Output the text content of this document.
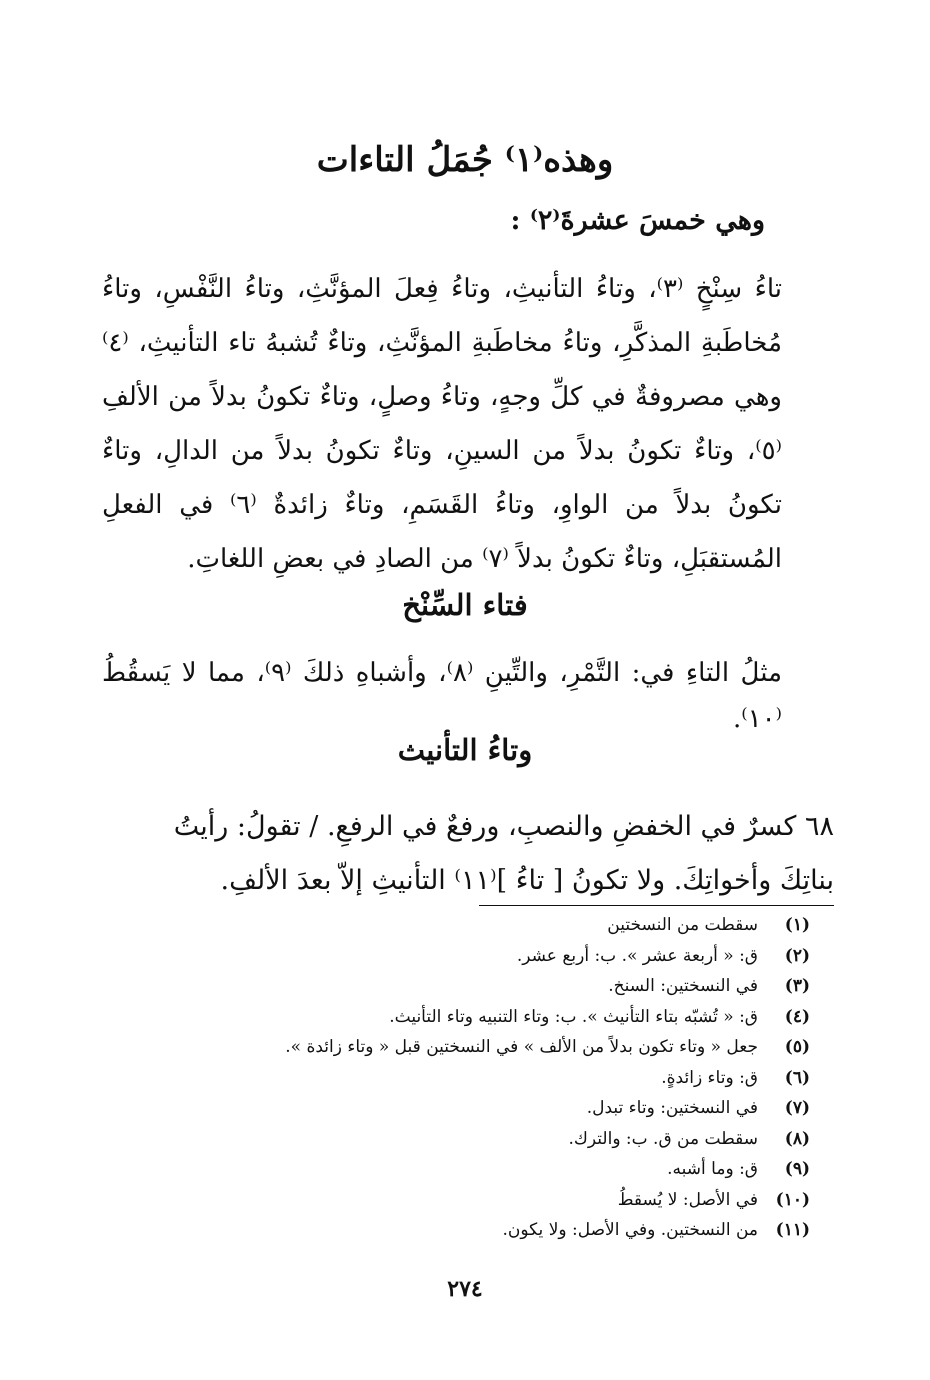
وهذه⁽١⁾ جُمَلُ التاءات

وهي خمسَ عشرةَ⁽٢⁾ :

تاءُ سِنْخٍ ⁽٣⁾، وتاءُ التأنيثِ، وتاءُ فِعلَ المؤنَّثِ، وتاءُ النَّفْسِ، وتاءُ مُخاطَبةِ المذكَّرِ، وتاءُ مخاطَبةِ المؤنَّثِ، وتاءٌ تُشبهُ تاء التأنيثِ، ⁽٤⁾ وهي مصروفةٌ في كلِّ وجهٍ، وتاءُ وصلٍ، وتاءٌ تكونُ بدلاً من الألفِ ⁽٥⁾، وتاءٌ تكونُ بدلاً من السينِ، وتاءٌ تكونُ بدلاً من الدالِ، وتاءٌ تكونُ بدلاً من الواوِ، وتاءُ القَسَمِ، وتاءٌ زائدةٌ ⁽٦⁾ في الفعلِ المُستقبَلِ، وتاءٌ تكونُ بدلاً ⁽٧⁾ من الصادِ في بعضِ اللغاتِ.

فتاء السِّنْخ

مثلُ التاءِ في: التَّمْرِ، والتِّينِ ⁽٨⁾، وأشباهِ ذلكَ ⁽٩⁾، مما لا يَسقُطُ ⁽١٠⁾.

وتاءُ التأنيث

٦٨ كسرٌ في الخفضِ والنصبِ، ورفعٌ في الرفعِ. / تقولُ: رأيتُ
بناتِكَ وأخواتِكَ. ولا تكونُ [ تاءُ ]⁽١١⁾ التأنيثِ إلاّ بعدَ الألفِ.

(١)سقطت من النسختين
(٢)ق: « أربعة عشر ». ب: أربع عشر.
(٣)في النسختين: السنخ.
(٤)ق: « تُشبّه بتاء التأنيث ». ب: وتاء التنبيه وتاء التأنيث.
(٥)جعل « وتاء تكون بدلاً من الألف » في النسختين قبل « وتاء زائدة ».
(٦)ق: وتاء زائدةٍ.
(٧)في النسختين: وتاء تبدل.
(٨)سقطت من ق. ب: والترك.
(٩)ق: وما أشبه.
(١٠)في الأصل: لا يُسقطُ
(١١)من النسختين. وفي الأصل: ولا يكون.

٢٧٤
